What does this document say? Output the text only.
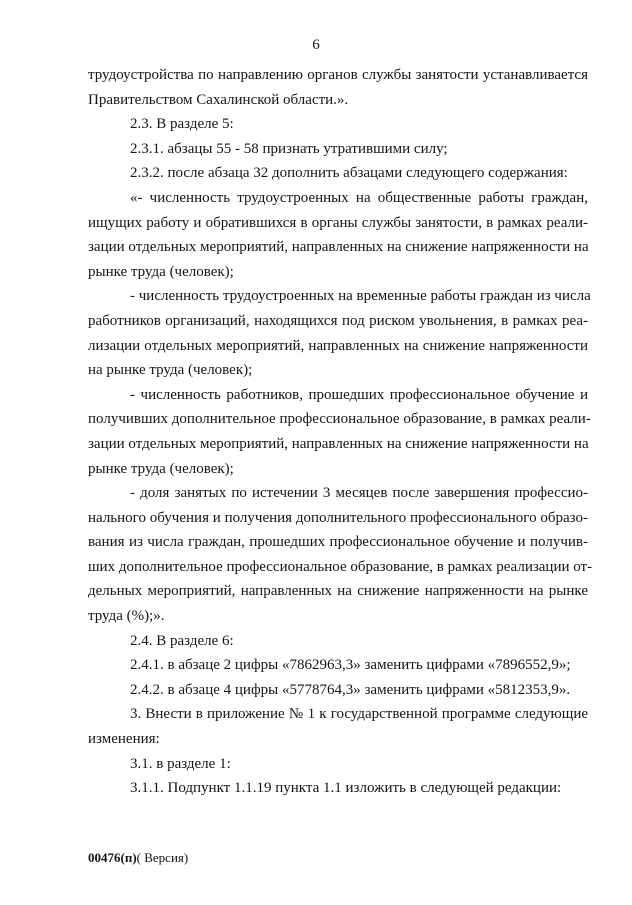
6
трудоустройства по направлению органов службы занятости устанавливается
Правительством Сахалинской области.».
2.3. В разделе 5:
2.3.1. абзацы 55 - 58 признать утратившими силу;
2.3.2. после абзаца 32 дополнить абзацами следующего содержания:
«- численность трудоустроенных на общественные работы граждан,
ищущих работу и обратившихся в органы службы занятости, в рамках реали-
зации отдельных мероприятий, направленных на снижение напряженности на
рынке труда (человек);
- численность трудоустроенных на временные работы граждан из числа
работников организаций, находящихся под риском увольнения, в рамках реа-
лизации отдельных мероприятий, направленных на снижение напряженности
на рынке труда (человек);
- численность работников, прошедших профессиональное обучение и
получивших дополнительное профессиональное образование, в рамках реали-
зации отдельных мероприятий, направленных на снижение напряженности на
рынке труда (человек);
- доля занятых по истечении 3 месяцев после завершения профессио-
нального обучения и получения дополнительного профессионального образо-
вания из числа граждан, прошедших профессиональное обучение и получив-
ших дополнительное профессиональное образование, в рамках реализации от-
дельных мероприятий, направленных на снижение напряженности на рынке
труда (%);».
2.4. В разделе 6:
2.4.1. в абзаце 2 цифры «7862963,3» заменить цифрами «7896552,9»;
2.4.2. в абзаце 4 цифры «5778764,3» заменить цифрами «5812353,9».
3. Внести в приложение № 1 к государственной программе следующие
изменения:
3.1. в разделе 1:
3.1.1. Подпункт 1.1.19 пункта 1.1 изложить в следующей редакции:
00476(п)( Версия)
